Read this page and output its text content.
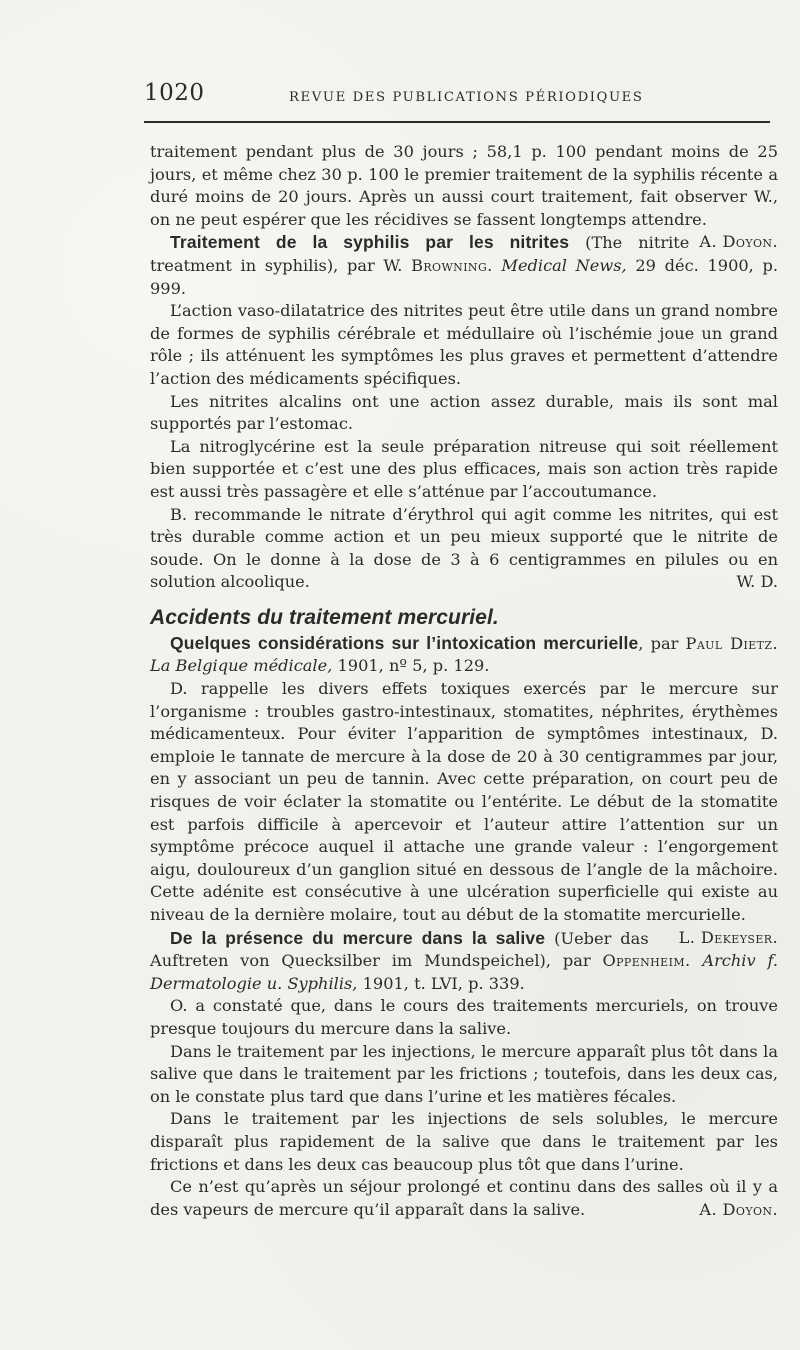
1020	REVUE DES PUBLICATIONS PÉRIODIQUES

traitement pendant plus de 30 jours ; 58,1 p. 100 pendant moins de 25 jours, et même chez 30 p. 100 le premier traitement de la syphilis récente a duré moins de 20 jours. Après un aussi court traitement, fait observer W., on ne peut espérer que les récidives se fassent longtemps attendre.
A. Doyon.

Traitement de la syphilis par les nitrites (The nitrite treatment in syphilis), par W. Browning. Medical News, 29 déc. 1900, p. 999.

L’action vaso-dilatatrice des nitrites peut être utile dans un grand nombre de formes de syphilis cérébrale et médullaire où l’ischémie joue un grand rôle ; ils atténuent les symptômes les plus graves et permettent d’attendre l’action des médicaments spécifiques.

Les nitrites alcalins ont une action assez durable, mais ils sont mal supportés par l’estomac.

La nitroglycérine est la seule préparation nitreuse qui soit réellement bien supportée et c’est une des plus efficaces, mais son action très rapide est aussi très passagère et elle s’atténue par l’accoutumance.

B. recommande le nitrate d’érythrol qui agit comme les nitrites, qui est très durable comme action et un peu mieux supporté que le nitrite de soude. On le donne à la dose de 3 à 6 centigrammes en pilules ou en solution alcoolique.	W. D.

Accidents du traitement mercuriel.

Quelques considérations sur l’intoxication mercurielle, par Paul Dietz. La Belgique médicale, 1901, nº 5, p. 129.

D. rappelle les divers effets toxiques exercés par le mercure sur l’organisme : troubles gastro-intestinaux, stomatites, néphrites, érythèmes médicamenteux. Pour éviter l’apparition de symptômes intestinaux, D. emploie le tannate de mercure à la dose de 20 à 30 centigrammes par jour, en y associant un peu de tannin. Avec cette préparation, on court peu de risques de voir éclater la stomatite ou l’entérite. Le début de la stomatite est parfois difficile à apercevoir et l’auteur attire l’attention sur un symptôme précoce auquel il attache une grande valeur : l’engorgement aigu, douloureux d’un ganglion situé en dessous de l’angle de la mâchoire. Cette adénite est consécutive à une ulcération superficielle qui existe au niveau de la dernière molaire, tout au début de la stomatite mercurielle.
L. Dekeyser.

De la présence du mercure dans la salive (Ueber das Auftreten von Quecksilber im Mundspeichel), par Oppenheim. Archiv f. Dermatologie u. Syphilis, 1901, t. LVI, p. 339.

O. a constaté que, dans le cours des traitements mercuriels, on trouve presque toujours du mercure dans la salive.

Dans le traitement par les injections, le mercure apparaît plus tôt dans la salive que dans le traitement par les frictions ; toutefois, dans les deux cas, on le constate plus tard que dans l’urine et les matières fécales.

Dans le traitement par les injections de sels solubles, le mercure disparaît plus rapidement de la salive que dans le traitement par les frictions et dans les deux cas beaucoup plus tôt que dans l’urine.

Ce n’est qu’après un séjour prolongé et continu dans des salles où il y a des vapeurs de mercure qu’il apparaît dans la salive.	A. Doyon.
